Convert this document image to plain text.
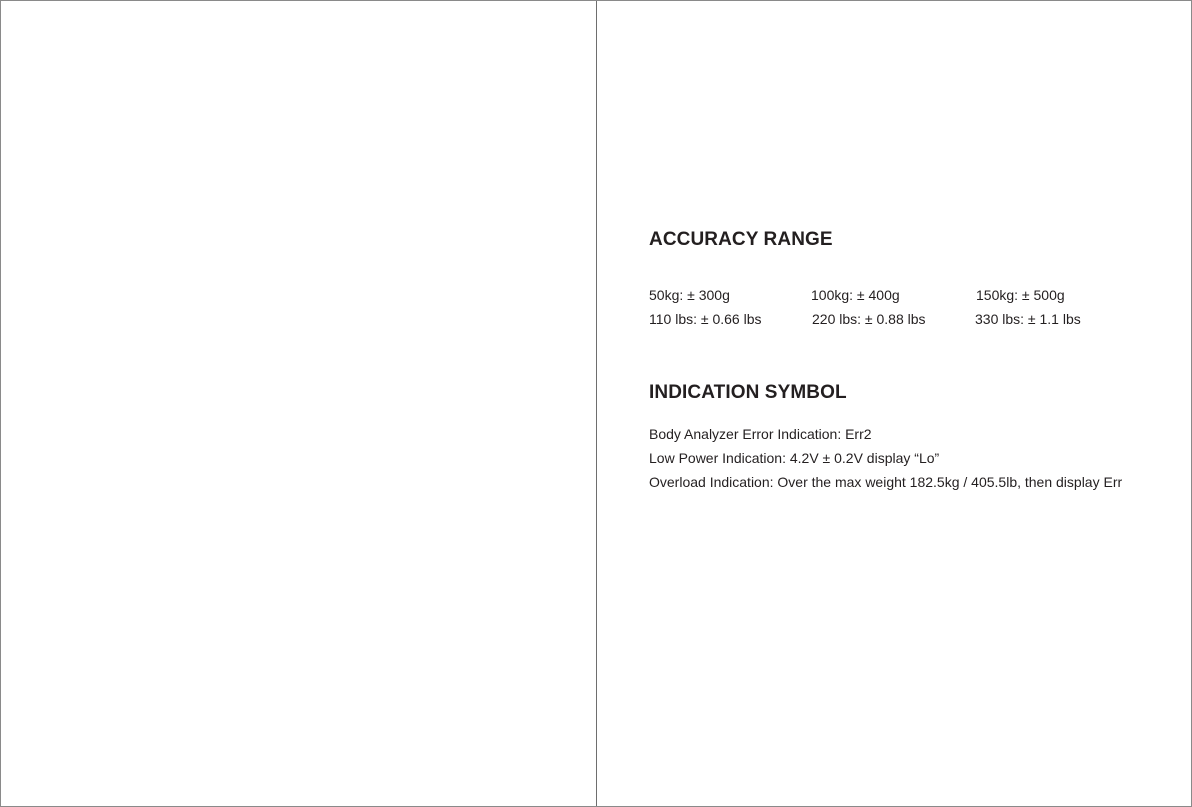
ACCURACY RANGE
50kg: ± 300g	100kg: ± 400g	150kg: ± 500g
110 lbs: ± 0.66 lbs	220 lbs: ± 0.88 lbs	330 lbs: ± 1.1 lbs
INDICATION SYMBOL
Body Analyzer Error Indication: Err2
Low Power Indication: 4.2V ± 0.2V display “Lo”
Overload Indication: Over the max weight 182.5kg / 405.5lb, then display Err
